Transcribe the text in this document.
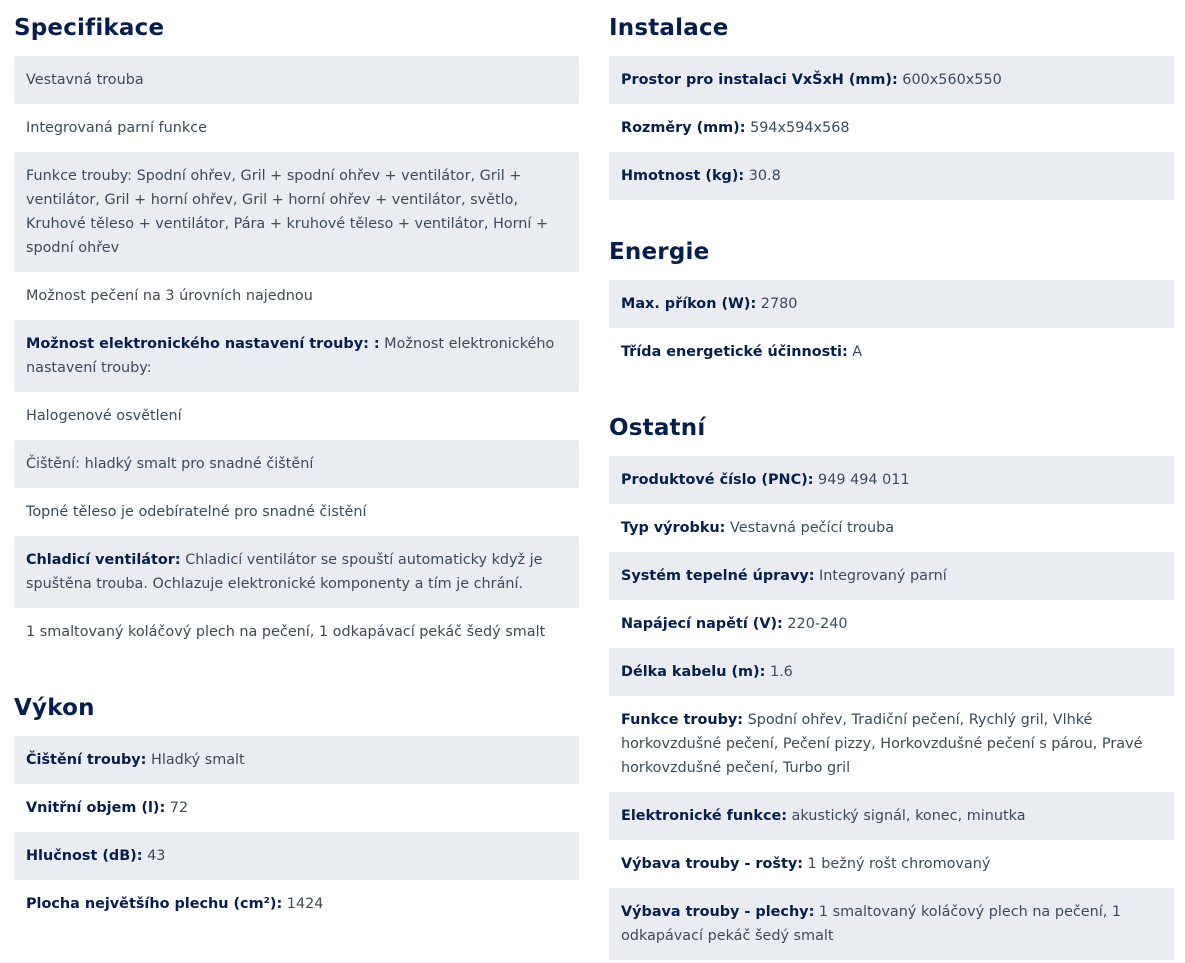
Specifikace
Vestavná trouba
Integrovaná parní funkce
Funkce trouby: Spodní ohřev, Gril + spodní ohřev + ventilátor, Gril + ventilátor, Gril + horní ohřev, Gril + horní ohřev + ventilátor, světlo, Kruhové těleso + ventilátor, Pára + kruhové těleso + ventilátor, Horní + spodní ohřev
Možnost pečení na 3 úrovních najednou
Možnost elektronického nastavení trouby: : Možnost elektronického nastavení trouby:
Halogenové osvětlení
Čištění: hladký smalt pro snadné čištění
Topné těleso je odebíratelné pro snadné čistění
Chladicí ventilátor: Chladicí ventilátor se spouští automaticky když je spuštěna trouba. Ochlazuje elektronické komponenty a tím je chrání.
1 smaltovaný koláčový plech na pečení, 1 odkapávací pekáč šedý smalt
Výkon
Čištění trouby: Hladký smalt
Vnitřní objem (l): 72
Hlučnost (dB): 43
Plocha největšího plechu (cm²): 1424
Instalace
Prostor pro instalaci VxŠxH (mm): 600x560x550
Rozměry (mm): 594x594x568
Hmotnost (kg): 30.8
Energie
Max. příkon (W): 2780
Třída energetické účinnosti: A
Ostatní
Produktové číslo (PNC): 949 494 011
Typ výrobku: Vestavná pečící trouba
Systém tepelné úpravy: Integrovaný parní
Napájecí napětí (V): 220-240
Délka kabelu (m): 1.6
Funkce trouby: Spodní ohřev, Tradiční pečení, Rychlý gril, Vlhké horkovzdušné pečení, Pečení pizzy, Horkovzdušné pečení s párou, Pravé horkovzdušné pečení, Turbo gril
Elektronické funkce: akustický signál, konec, minutka
Výbava trouby - rošty: 1 bežný rošt chromovaný
Výbava trouby - plechy: 1 smaltovaný koláčový plech na pečení, 1 odkapávací pekáč šedý smalt
